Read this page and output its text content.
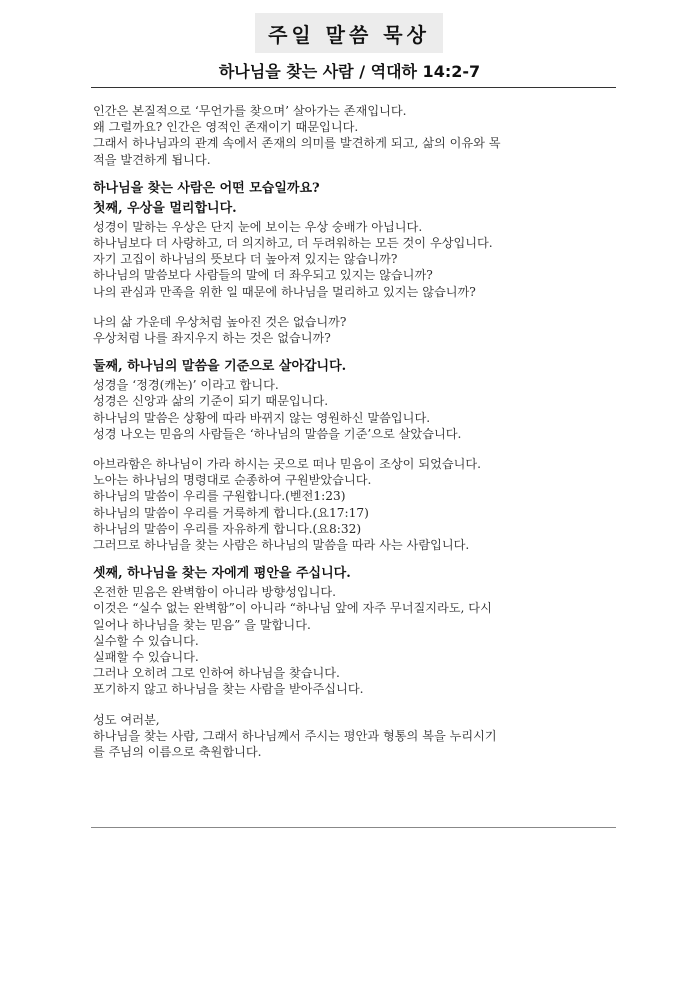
주일 말씀 묵상
하나님을 찾는 사람 / 역대하 14:2-7
인간은 본질적으로 ‘무언가를 찾으며’ 살아가는 존재입니다.
왜 그럴까요? 인간은 영적인 존재이기 때문입니다.
그래서 하나님과의 관계 속에서 존재의 의미를 발견하게 되고, 삶의 이유와 목
적을 발견하게 됩니다.
하나님을 찾는 사람은 어떤 모습일까요?
첫째, 우상을 멀리합니다.
성경이 말하는 우상은 단지 눈에 보이는 우상 숭배가 아닙니다.
하나님보다 더 사랑하고, 더 의지하고, 더 두려워하는 모든 것이 우상입니다.
자기 고집이 하나님의 뜻보다 더 높아져 있지는 않습니까?
하나님의 말씀보다 사람들의 말에 더 좌우되고 있지는 않습니까?
나의 관심과 만족을 위한 일 때문에 하나님을 멀리하고 있지는 않습니까?
나의 삶 가운데 우상처럼 높아진 것은 없습니까?
우상처럼 나를 좌지우지 하는 것은 없습니까?
둘째, 하나님의 말씀을 기준으로 살아갑니다.
성경을 ‘정경(캐논)’ 이라고 합니다.
성경은 신앙과 삶의 기준이 되기 때문입니다.
하나님의 말씀은 상황에 따라 바뀌지 않는 영원하신 말씀입니다.
성경 나오는 믿음의 사람들은 ‘하나님의 말씀을 기준’으로 살았습니다.
아브라함은 하나님이 가라 하시는 곳으로 떠나 믿음이 조상이 되었습니다.
노아는 하나님의 명령대로 순종하여 구원받았습니다.
하나님의 말씀이 우리를 구원합니다.(벧전1:23)
하나님의 말씀이 우리를 거룩하게 합니다.(요17:17)
하나님의 말씀이 우리를 자유하게 합니다.(요8:32)
그러므로 하나님을 찾는 사람은 하나님의 말씀을 따라 사는 사람입니다.
셋째, 하나님을 찾는 자에게 평안을 주십니다.
온전한 믿음은 완벽함이 아니라 방향성입니다.
이것은 “실수 없는 완벽함”이 아니라 “하나님 앞에 자주 무너질지라도, 다시
일어나 하나님을 찾는 믿음” 을 말합니다.
실수할 수 있습니다.
실패할 수 있습니다.
그러나 오히려 그로 인하여 하나님을 찾습니다.
포기하지 않고 하나님을 찾는 사람을 받아주십니다.
성도 여러분,
하나님을 찾는 사람, 그래서 하나님께서 주시는 평안과 형통의 복을 누리시기
를 주님의 이름으로 축원합니다.
